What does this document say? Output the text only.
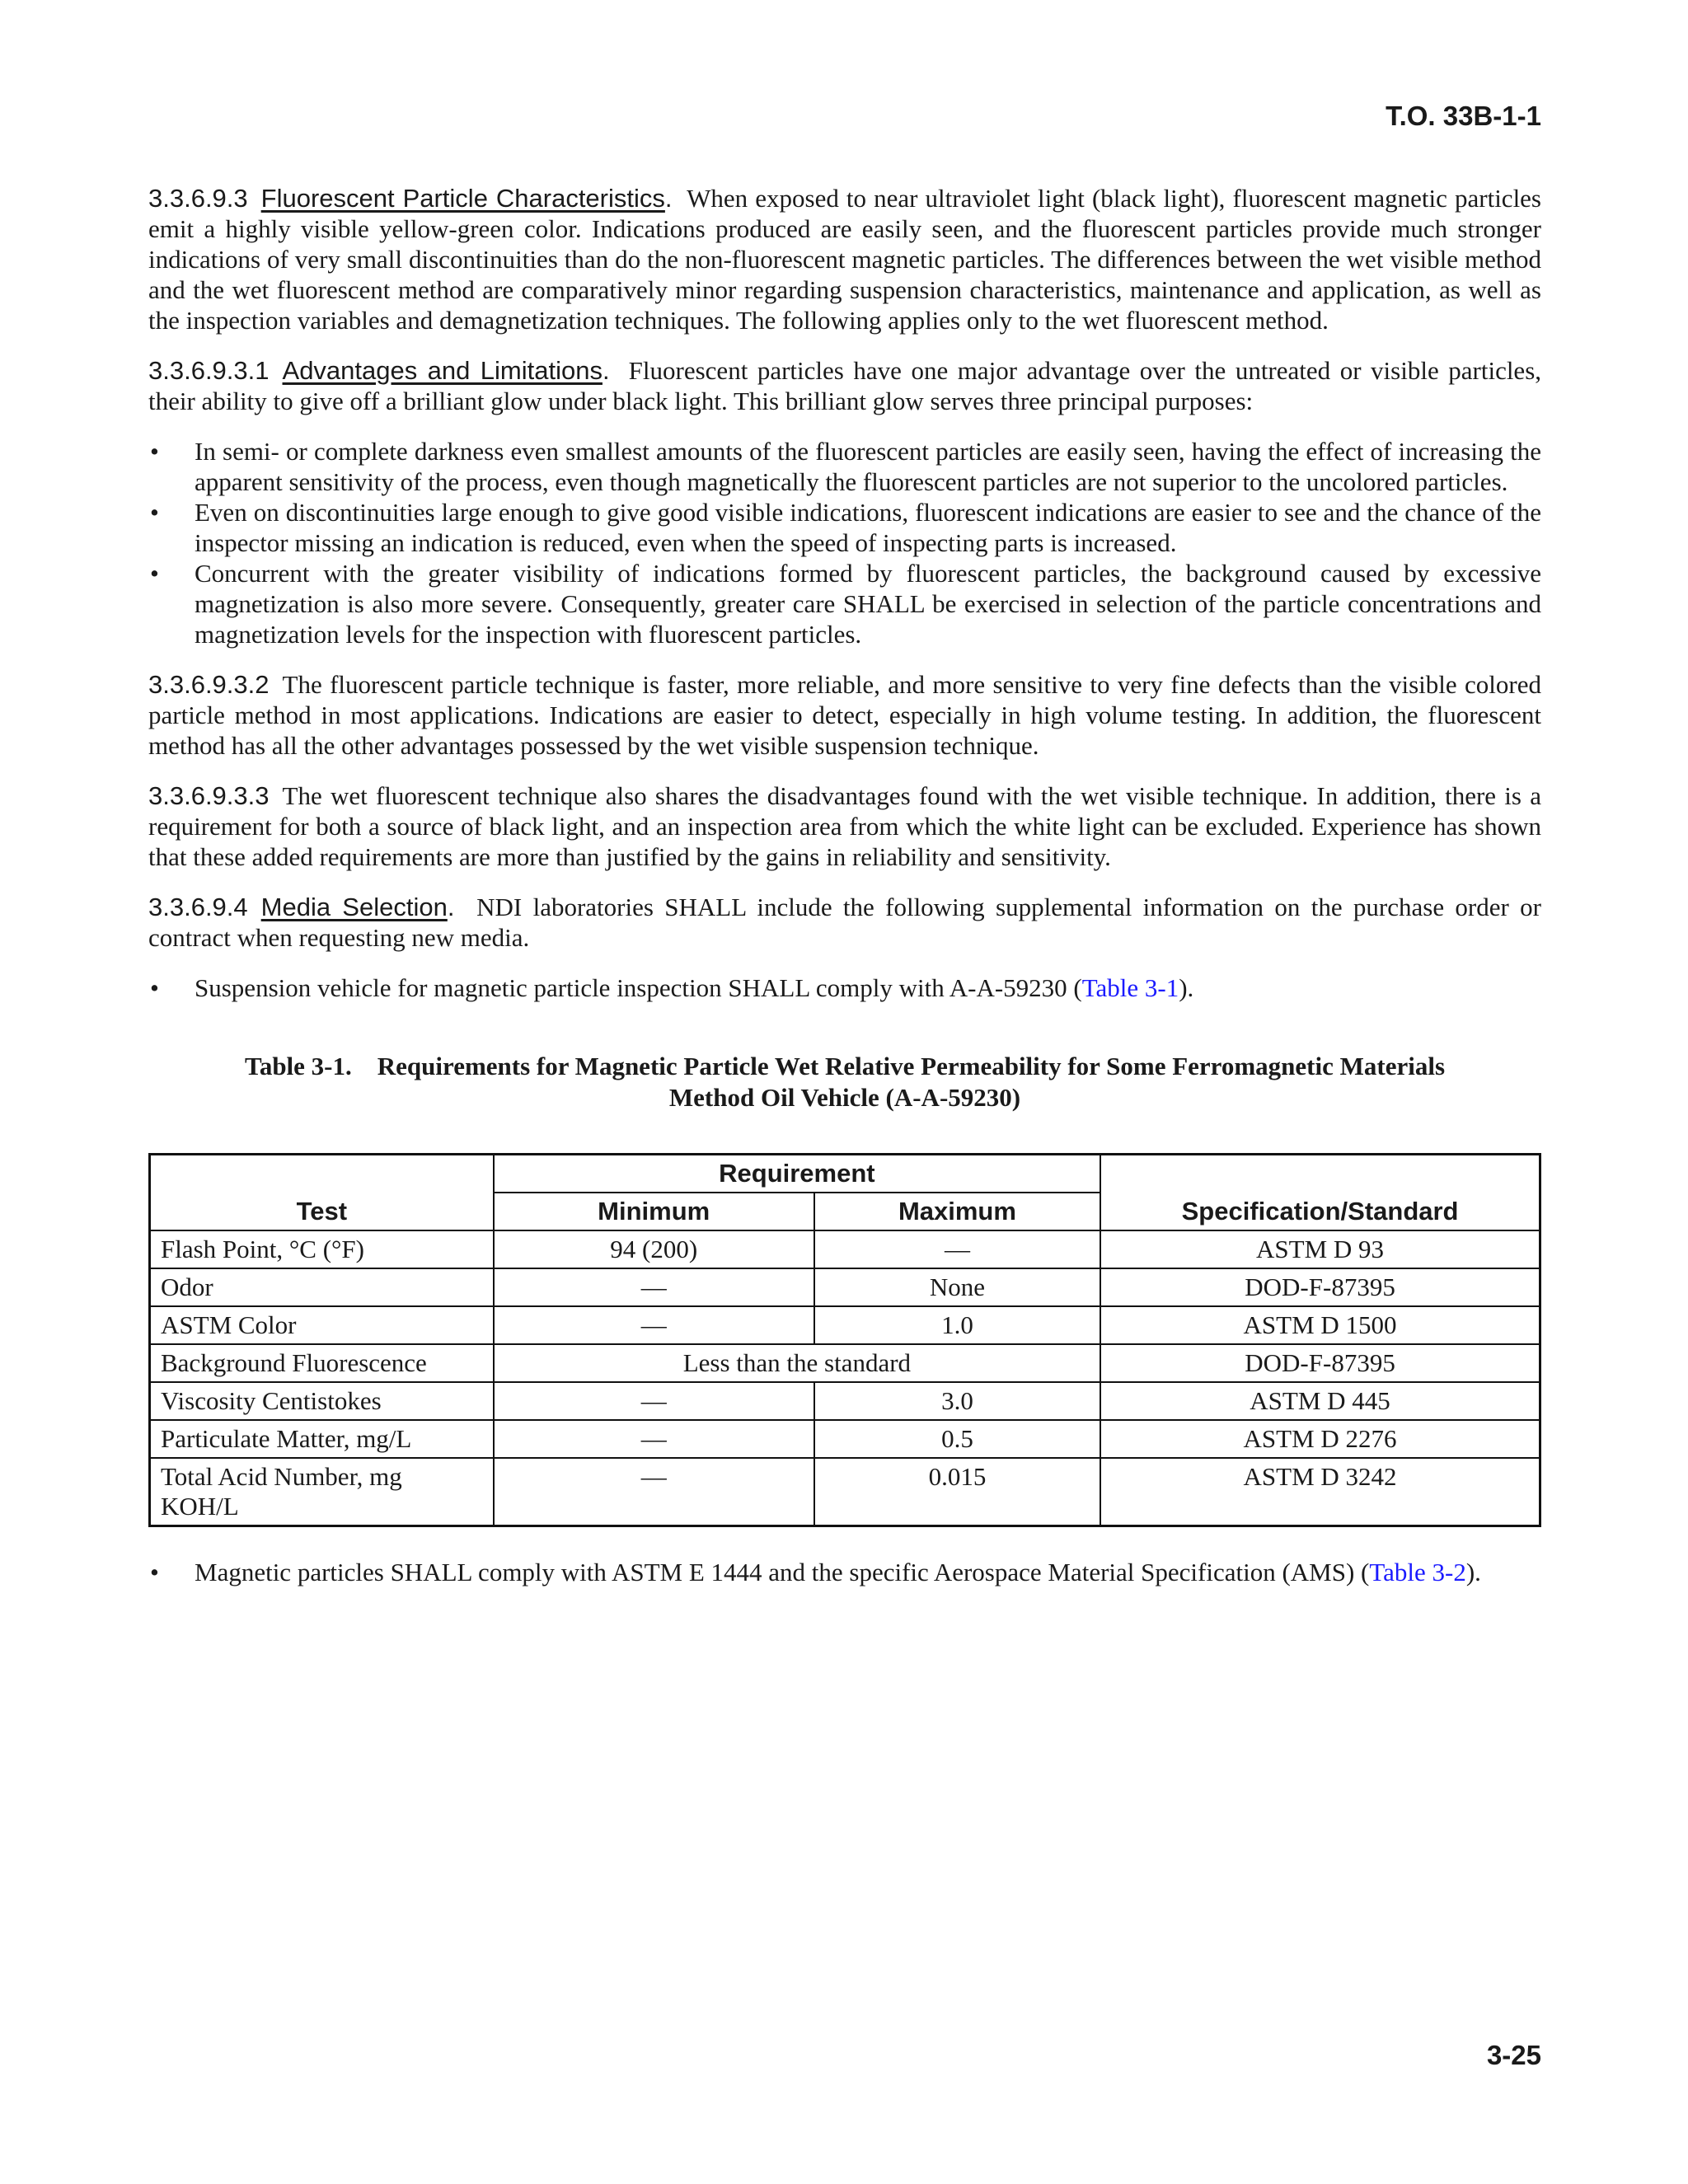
T.O. 33B-1-1

3.3.6.9.3 Fluorescent Particle Characteristics. When exposed to near ultraviolet light (black light), fluorescent magnetic particles emit a highly visible yellow-green color. Indications produced are easily seen, and the fluorescent particles provide much stronger indications of very small discontinuities than do the non-fluorescent magnetic particles. The differences between the wet visible method and the wet fluorescent method are comparatively minor regarding suspension characteristics, maintenance and application, as well as the inspection variables and demagnetization techniques. The following applies only to the wet fluorescent method.

3.3.6.9.3.1 Advantages and Limitations. Fluorescent particles have one major advantage over the untreated or visible particles, their ability to give off a brilliant glow under black light. This brilliant glow serves three principal purposes:

• In semi- or complete darkness even smallest amounts of the fluorescent particles are easily seen, having the effect of increasing the apparent sensitivity of the process, even though magnetically the fluorescent particles are not superior to the uncolored particles.
• Even on discontinuities large enough to give good visible indications, fluorescent indications are easier to see and the chance of the inspector missing an indication is reduced, even when the speed of inspecting parts is increased.
• Concurrent with the greater visibility of indications formed by fluorescent particles, the background caused by excessive magnetization is also more severe. Consequently, greater care SHALL be exercised in selection of the particle concentrations and magnetization levels for the inspection with fluorescent particles.

3.3.6.9.3.2 The fluorescent particle technique is faster, more reliable, and more sensitive to very fine defects than the visible colored particle method in most applications. Indications are easier to detect, especially in high volume testing. In addition, the fluorescent method has all the other advantages possessed by the wet visible suspension technique.

3.3.6.9.3.3 The wet fluorescent technique also shares the disadvantages found with the wet visible technique. In addition, there is a requirement for both a source of black light, and an inspection area from which the white light can be excluded. Experience has shown that these added requirements are more than justified by the gains in reliability and sensitivity.

3.3.6.9.4 Media Selection. NDI laboratories SHALL include the following supplemental information on the purchase order or contract when requesting new media.

• Suspension vehicle for magnetic particle inspection SHALL comply with A-A-59230 (Table 3-1).
Table 3-1.    Requirements for Magnetic Particle Wet Relative Permeability for Some Ferromagnetic Materials
Method Oil Vehicle (A-A-59230)
Test	Requirement		Specification/Standard
	Minimum	Maximum	
Flash Point, °C (°F)	94 (200)	—	ASTM D 93
Odor	—	None	DOD-F-87395
ASTM Color	—	1.0	ASTM D 1500
Background Fluorescence	Less than the standard		DOD-F-87395
Viscosity Centistokes	—	3.0	ASTM D 445
Particulate Matter, mg/L	—	0.5	ASTM D 2276
Total Acid Number, mg KOH/L	—	0.015	ASTM D 3242
• Magnetic particles SHALL comply with ASTM E 1444 and the specific Aerospace Material Specification (AMS) (Table 3-2).
3-25
